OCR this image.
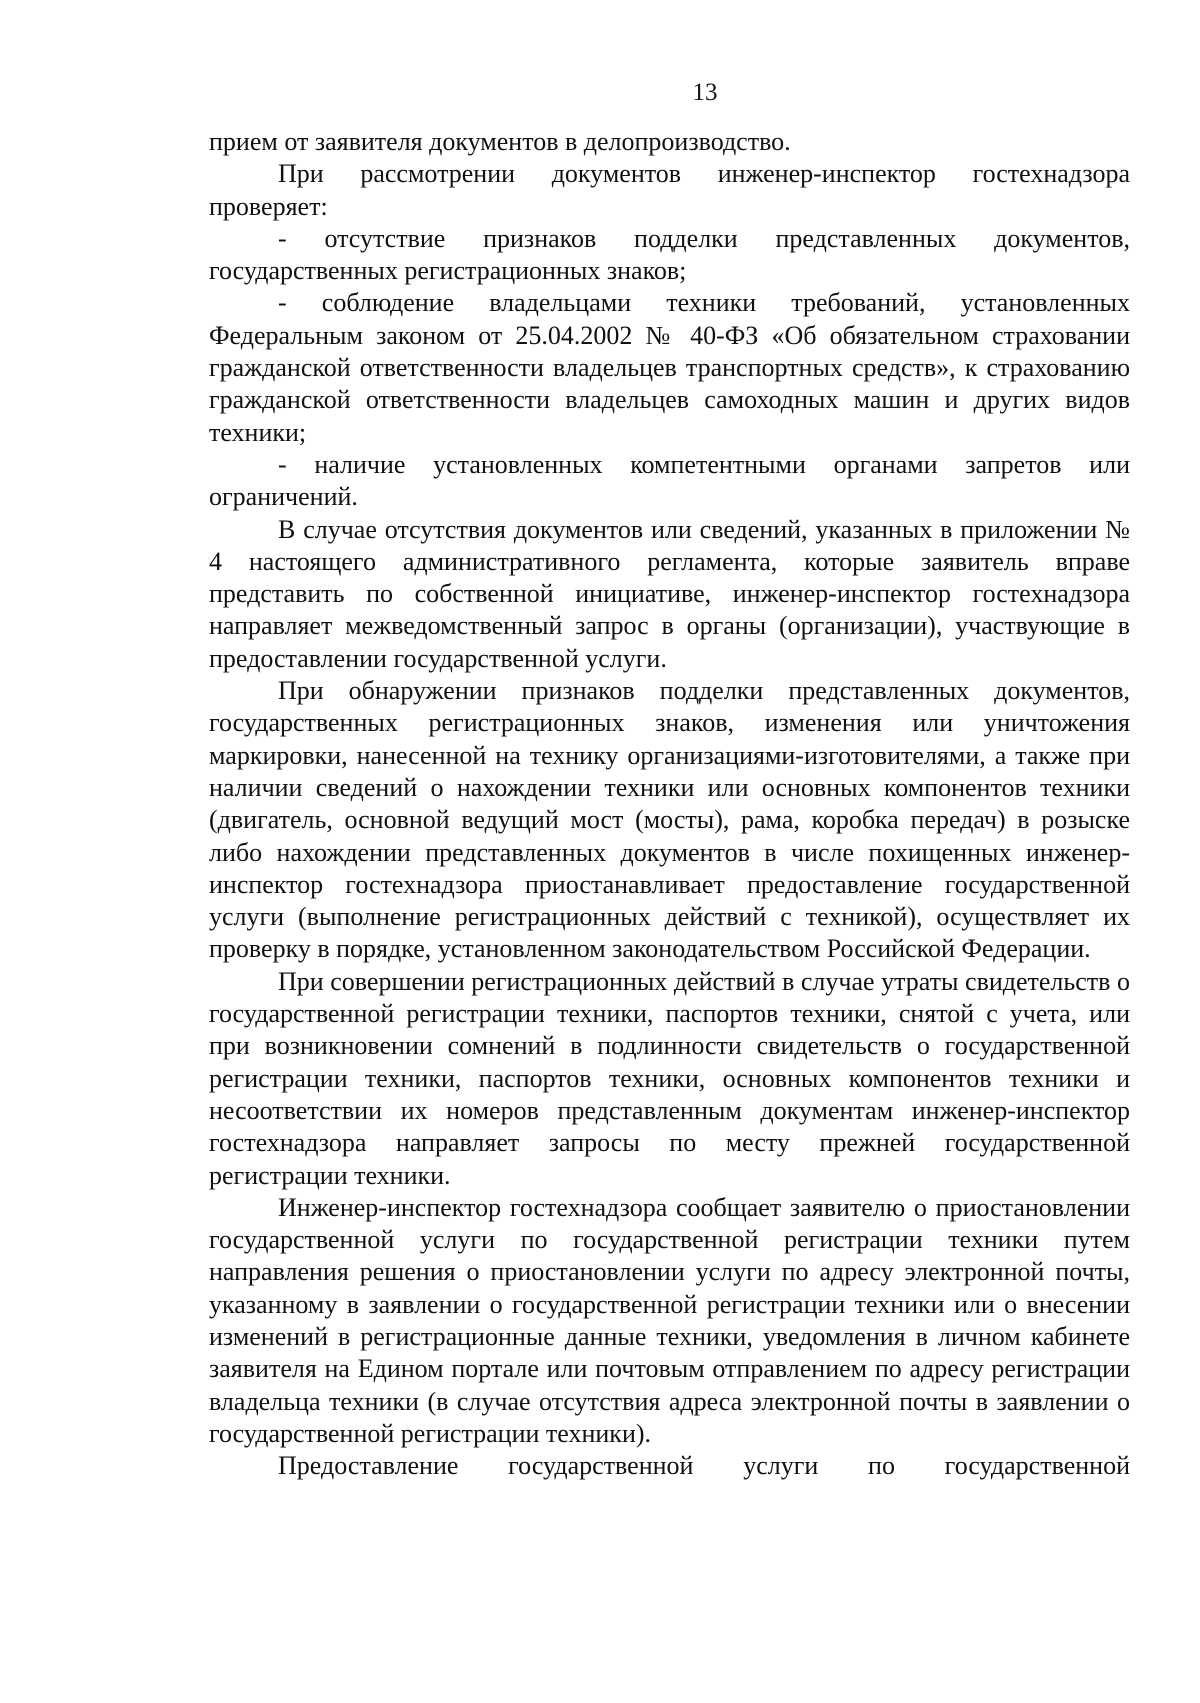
13

прием от заявителя документов в делопроизводство.

При рассмотрении документов инженер-инспектор гостехнадзора проверяет:

- отсутствие признаков подделки представленных документов, государственных регистрационных знаков;

- соблюдение владельцами техники требований, установленных Федеральным законом от 25.04.2002 № 40-ФЗ «Об обязательном страховании гражданской ответственности владельцев транспортных средств», к страхованию гражданской ответственности владельцев самоходных машин и других видов техники;

- наличие установленных компетентными органами запретов или ограничений.

В случае отсутствия документов или сведений, указанных в приложении № 4 настоящего административного регламента, которые заявитель вправе представить по собственной инициативе, инженер-инспектор гостехнадзора направляет межведомственный запрос в органы (организации), участвующие в предоставлении государственной услуги.

При обнаружении признаков подделки представленных документов, государственных регистрационных знаков, изменения или уничтожения маркировки, нанесенной на технику организациями-изготовителями, а также при наличии сведений о нахождении техники или основных компонентов техники (двигатель, основной ведущий мост (мосты), рама, коробка передач) в розыске либо нахождении представленных документов в числе похищенных инженер-инспектор гостехнадзора приостанавливает предоставление государственной услуги (выполнение регистрационных действий с техникой), осуществляет их проверку в порядке, установленном законодательством Российской Федерации.

При совершении регистрационных действий в случае утраты свидетельств о государственной регистрации техники, паспортов техники, снятой с учета, или при возникновении сомнений в подлинности свидетельств о государственной регистрации техники, паспортов техники, основных компонентов техники и несоответствии их номеров представленным документам инженер-инспектор гостехнадзора направляет запросы по месту прежней государственной регистрации техники.

Инженер-инспектор гостехнадзора сообщает заявителю о приостановлении государственной услуги по государственной регистрации техники путем направления решения о приостановлении услуги по адресу электронной почты, указанному в заявлении о государственной регистрации техники или о внесении изменений в регистрационные данные техники, уведомления в личном кабинете заявителя на Едином портале или почтовым отправлением по адресу регистрации владельца техники (в случае отсутствия адреса электронной почты в заявлении о государственной регистрации техники).

Предоставление государственной услуги по государственной
